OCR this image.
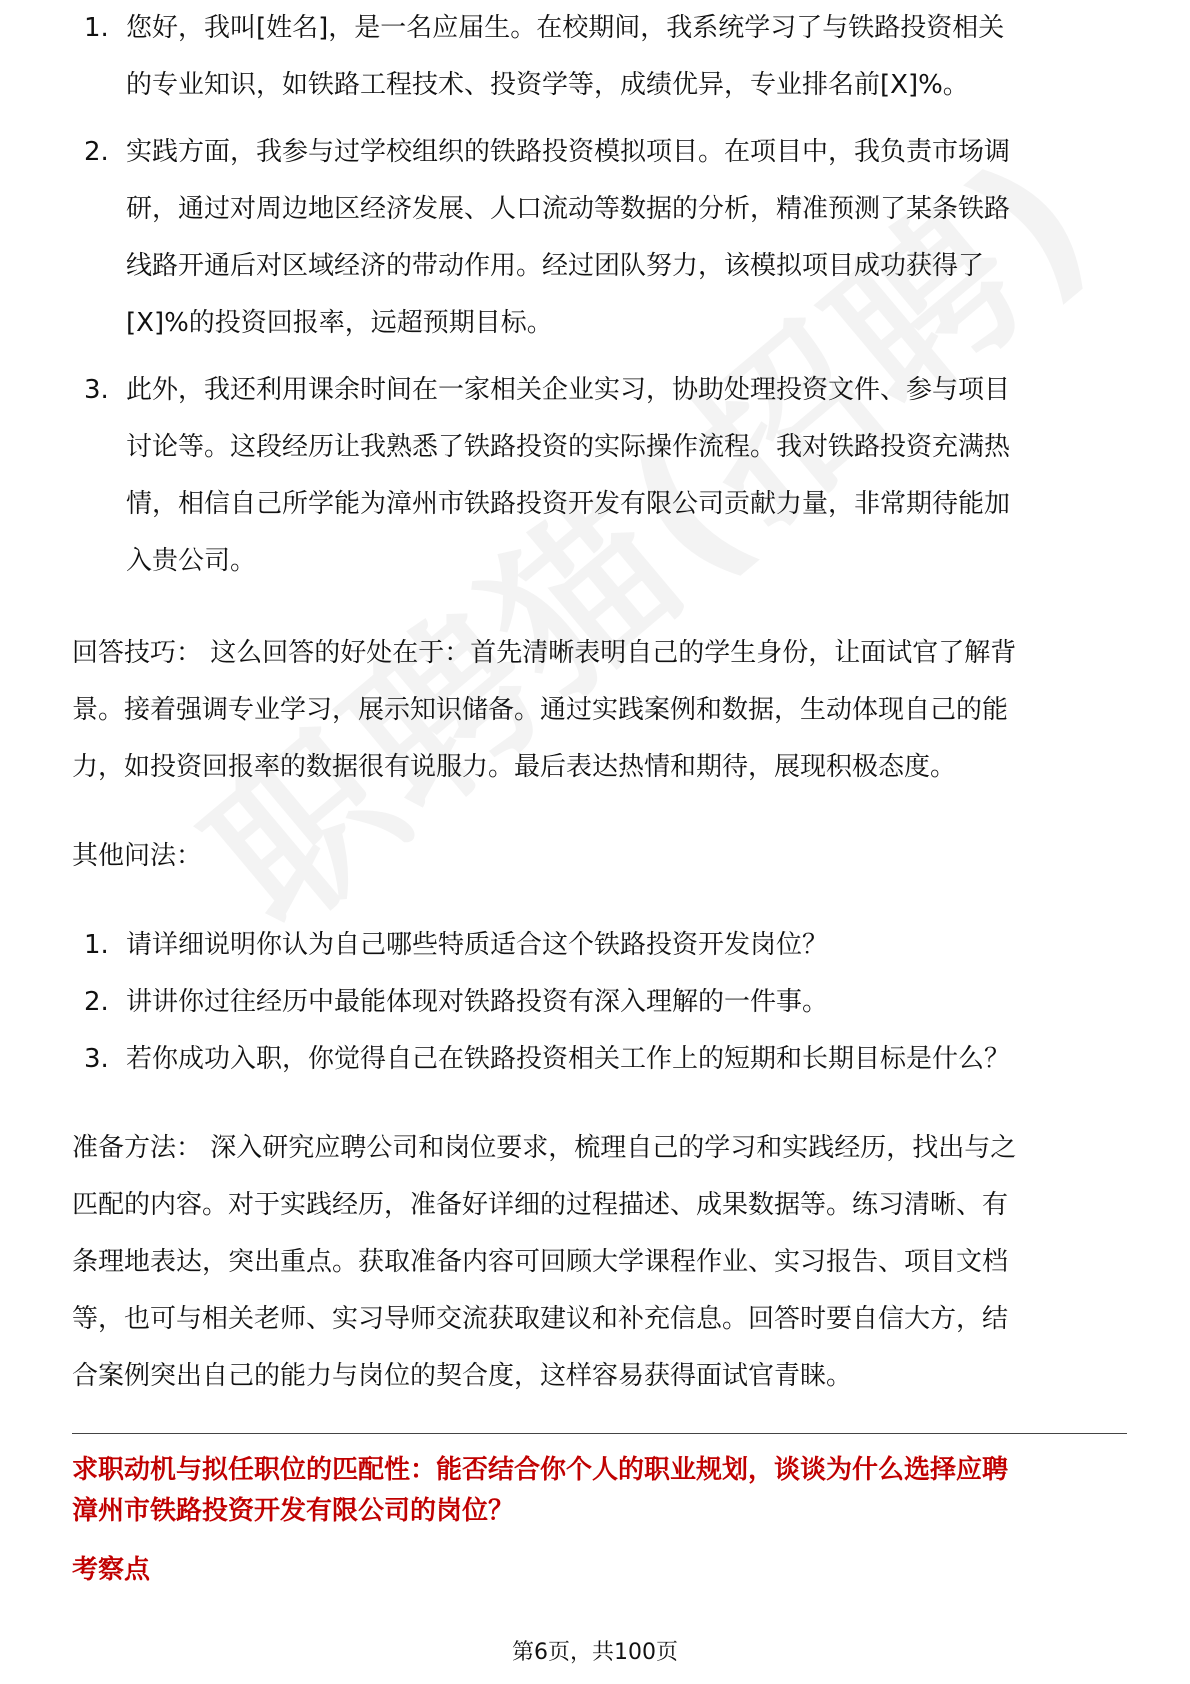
1. 您好，我叫[姓名]，是一名应届生。在校期间，我系统学习了与铁路投资相关
的专业知识，如铁路工程技术、投资学等，成绩优异，专业排名前[X]%。
2. 实践方面，我参与过学校组织的铁路投资模拟项目。在项目中，我负责市场调
研，通过对周边地区经济发展、人口流动等数据的分析，精准预测了某条铁路
线路开通后对区域经济的带动作用。经过团队努力，该模拟项目成功获得了
[X]%的投资回报率，远超预期目标。
3. 此外，我还利用课余时间在一家相关企业实习，协助处理投资文件、参与项目
讨论等。这段经历让我熟悉了铁路投资的实际操作流程。我对铁路投资充满热
情，相信自己所学能为漳州市铁路投资开发有限公司贡献力量，非常期待能加
入贵公司。

回答技巧： 这么回答的好处在于：首先清晰表明自己的学生身份，让面试官了解背
景。接着强调专业学习，展示知识储备。通过实践案例和数据，生动体现自己的能
力，如投资回报率的数据很有说服力。最后表达热情和期待，展现积极态度。

其他问法：

1. 请详细说明你认为自己哪些特质适合这个铁路投资开发岗位？
2. 讲讲你过往经历中最能体现对铁路投资有深入理解的一件事。
3. 若你成功入职，你觉得自己在铁路投资相关工作上的短期和长期目标是什么？

准备方法： 深入研究应聘公司和岗位要求，梳理自己的学习和实践经历，找出与之
匹配的内容。对于实践经历，准备好详细的过程描述、成果数据等。练习清晰、有
条理地表达，突出重点。获取准备内容可回顾大学课程作业、实习报告、项目文档
等，也可与相关老师、实习导师交流获取建议和补充信息。回答时要自信大方，结
合案例突出自己的能力与岗位的契合度，这样容易获得面试官青睐。

求职动机与拟任职位的匹配性：能否结合你个人的职业规划，谈谈为什么选择应聘
漳州市铁路投资开发有限公司的岗位？
考察点
第6页，共100页
